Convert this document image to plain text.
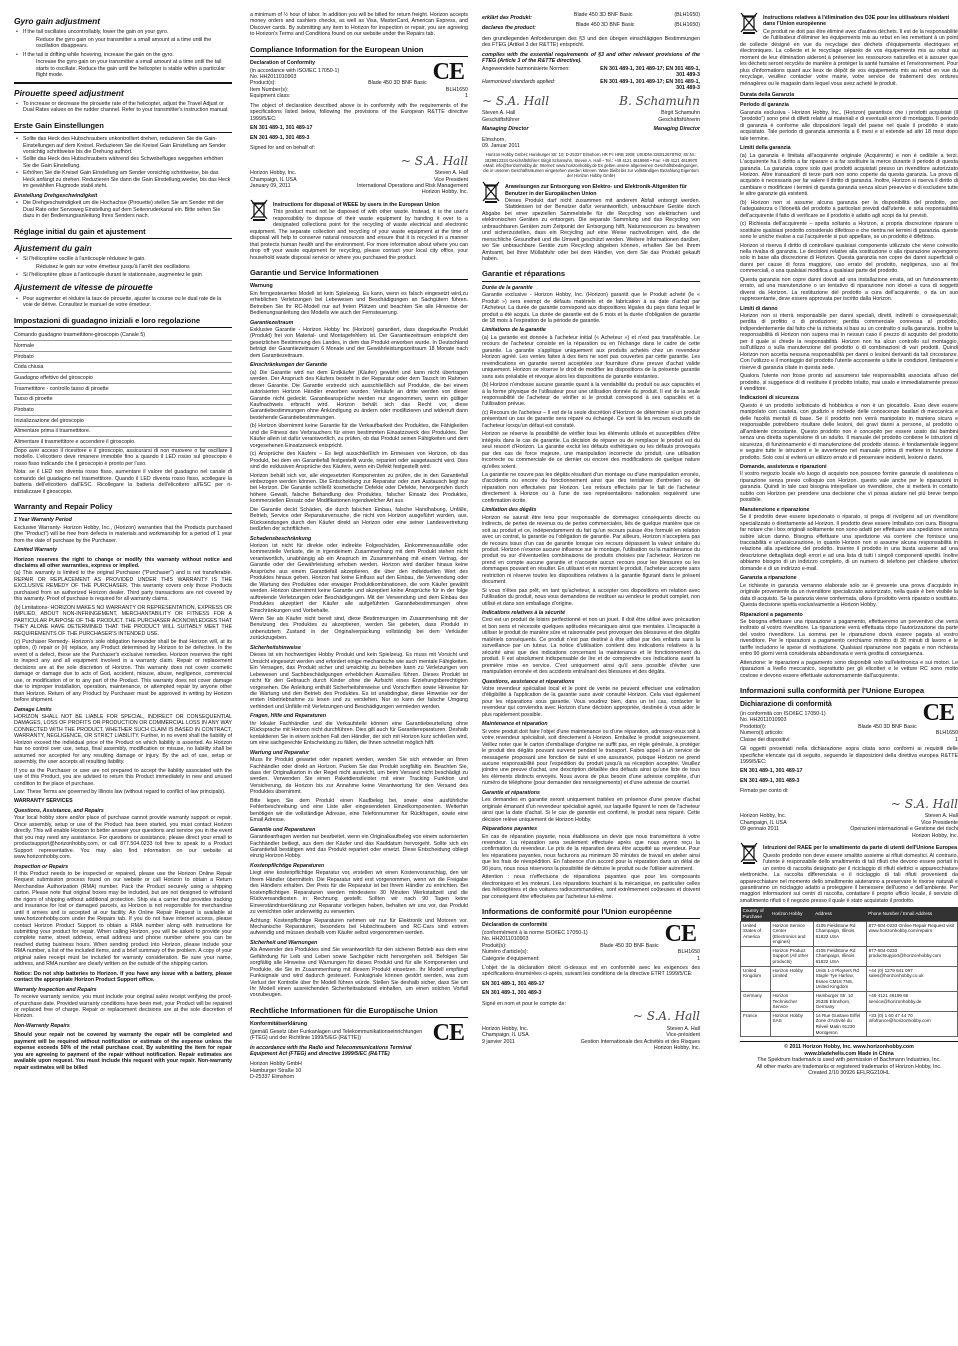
Gyro gain adjustment
• If the tail oscillates uncontrollably, lower the gain on your gyro.
Reduce the gyro gain on your transmitter a small amount at a time until the oscillation disappears.
• If the tail is drifting while hovering, increase the gain on the gyro.
Increase the gyro gain on your transmitter a small amount at a time until the tail starts to oscillate. Reduce the gain until the helicopter is stable within a particular flight mode.
Pirouette speed adjustment
• To increase or decrease the pirouette rate of the helicopter, adjust the Travel Adjust or Dual Rates values on the rudder channel. Refer to your transmitter's instruction manual.
Erste Gain Einstellungen
• Sollte das Heck des Hubschraubers unkontrolliert drehen, reduzieren Sie die Gain-Einstellungen auf dem Kreisel. Reduzieren Sie die Kreisel Gain Einstellung am Sender vorsichtig schrittweise bis die Drehung aufhört.
• Sollte das Heck des Hubschraubers während des Schwebefluges weggehen erhöhen Sie die Gain Einstellung.
• Erhöhen Sie die Kreisel Gain Einstellung am Sender vorsichtig schrittweise, bis das Heck anfängt zu drehen. Reduzieren Sie dann die Gain Einstellung,wieder, bis das Heck im gewählten Flugmode stabil steht.
Einstellung Drehgeschwindigkeit
• Die Drehgeschwindigkeit um die Hochachse (Pirouette) stellen Sie am Sender mit der Dual Rate oder Servoweg Einstellung auf dem Seitenruderkanal ein. Bitte sehen Sie dazu in der Bedienungsanleitung Ihres Senders nach.
Réglage initial du gain et ajustement
Ajustement du gain
• Si l'hélicoptère oscille à l'anticouple réduisez le gain.
Réduisez le gain sur votre émetteur jusqu'à l'arrêt des oscillations
• Si l'hélicoptère glisse à l'anticouple durant le stationnaire, augmentez le gain
Ajustement de vitesse de pirouette
• Pour augmenter et réduire la taux de pirouette, ajuster la course ou le dual rate de la voie de dérive. Consultez le manuel de votre émetteur.
Impostazioni di guadagno iniziali e loro regolazione
Comando guadagno trasmettitore-giroscopio (Canale 5)
Normale
Pirobato
Coda chiusa
Guadagno effettivo del giroscopio
Trasmettitore - controllo tasso di piroette
Tasso di piroette
Pirobato
Inizializzazione del giroscopio
Alimentare prima il trasmettitore.
Alimentare il trasmettitore e accendere il giroscopio.
Dopo aver acceso il ricevitore e il giroscopio, assicurarsi di non muovere o far oscillare il modello. L'elicottero deve rimanere immobile fino a quando il LED rosso sul giroscopio è rosso fisso indicando che il giroscopio è pronto per l'uso.
Nota: se il LED non diventa rosso fisso, aumentare il valore del guadagno nel canale di comando del guadagno nel trasmettitore. Quando il LED diventa rosso fisso, scollegare la batteria dell'elicottero dall'ESC. Ricollegare la batteria dell'elicottero all'ESC per ri-inizializzare il giroscopio.
Warranty and Repair Policy
1 Year Warranty Period
Exclusive Warranty- Horizon Hobby, Inc., (Horizon) warranties that the Products purchased (the "Product") will be free from defects in materials and workmanship for a period of 1 year from the date of purchase by the Purchaser.
Limited Warranty
Horizon reserves the right to change or modify this warranty without notice and disclaims all other warranties, express or implied.
(a) This warranty is limited to the original Purchaser ("Purchaser") and is not transferable. REPAIR OR REPLACEMENT AS PROVIDED UNDER THIS WARRANTY IS THE EXCLUSIVE REMEDY OF THE PURCHASER. This warranty covers only those Products purchased from an authorized Horizon dealer. Third party transactions are not covered by this warranty. Proof of purchase is required for all warranty claims.
(b) Limitations- HORIZON MAKES NO WARRANTY OR REPRESENTATION, EXPRESS OR IMPLIED, ABOUT NON-INFRINGEMENT, MERCHANTABILITY OR FITNESS FOR A PARTICULAR PURPOSE OF THE PRODUCT. THE PURCHASER ACKNOWLEDGES THAT THEY ALONE HAVE DETERMINED THAT THE PRODUCT WILL SUITABLY MEET THE REQUIREMENTS OF THE PURCHASER'S INTENDED USE.
(c) Purchaser Remedy- Horizon's sole obligation hereunder shall be that Horizon will, at its option, (i) repair or (ii) replace, any Product determined by Horizon to be defective. In the event of a defect, these are the Purchaser's exclusive remedies. Horizon reserves the right to inspect any and all equipment involved in a warranty claim. Repair or replacement decisions are at the sole discretion of Horizon. This warranty does not cover cosmetic damage or damage due to acts of God, accident, misuse, abuse, negligence, commercial use, or modification of or to any part of the Product. This warranty does not cover damage due to improper installation, operation, maintenance, or attempted repair by anyone other than Horizon. Return of any Product by Purchaser must be approved in writing by Horizon before shipment.
Damage Limits
HORIZON SHALL NOT BE LIABLE FOR SPECIAL, INDIRECT OR CONSEQUENTIAL DAMAGES, LOSS OF PROFITS OR PRODUCTION OR COMMERCIAL LOSS IN ANY WAY CONNECTED WITH THE PRODUCT, WHETHER SUCH CLAIM IS BASED IN CONTRACT, WARRANTY, NEGLIGENCE, OR STRICT LIABILITY. Further, in no event shall the liability of Horizon exceed the individual price of the Product on which liability is asserted. As Horizon has no control over use, setup, final assembly, modification or misuse, no liability shall be assumed nor accepted for any resulting damage or injury. By the act of use, setup or assembly, the user accepts all resulting liability.
If you as the Purchaser or user are not prepared to accept the liability associated with the use of this Product, you are advised to return this Product immediately in new and unused condition to the place of purchase.
Law: These Terms are governed by Illinois law (without regard to conflict of law principals).
WARRANTY SERVICES
Questions, Assistance, and Repairs
Your local hobby store and/or place of purchase cannot provide warranty support or repair. Once assembly, setup or use of the Product has been started, you must contact Horizon directly. This will enable Horizon to better answer your questions and service you in the event that you may need any assistance. For questions or assistance, please direct your email to productsupport@horizonhobby.com, or call 877.504.0233 toll free to speak to a Product Support representative. You may also find information on our website at www.horizonhobby.com.
Inspection or Repairs
If this Product needs to be inspected or repaired, please use the Horizon Online Repair Request submission process found on our website or call Horizon to obtain a Return Merchandise Authorization (RMA) number. Pack the Product securely using a shipping carton. Please note that original boxes may be included, but are not designed to withstand the rigors of shipping without additional protection. Ship via a carrier that provides tracking and insurance for lost or damaged parcels, as Horizon is not responsible for merchandise until it arrives and is accepted at our facility. An Online Repair Request is available at www.horizonhobby.com under the Repairs tab. If you do not have internet access, please contact Horizon Product Support to obtain a RMA number along with instructions for submitting your product for repair. When calling Horizon, you will be asked to provide your complete name, street address, email address and phone number where you can be reached during business hours. When sending product into Horizon, please include your RMA number, a list of the included items, and a brief summary of the problem. A copy of your original sales receipt must be included for warranty consideration. Be sure your name, address, and RMA number are clearly written on the outside of the shipping carton.
Notice: Do not ship batteries to Horizon. If you have any issue with a battery, please contact the appropriate Horizon Product Support office.
Warranty Inspection and Repairs
To receive warranty service, you must include your original sales receipt verifying the proof-of-purchase date. Provided warranty conditions have been met, your Product will be repaired or replaced free of charge. Repair or replacement decisions are at the sole discretion of Horizon.
Non-Warranty Repairs
Should your repair not be covered by warranty the repair will be completed and payment will be required without notification or estimate of the expense unless the expense exceeds 50% of the retail purchase cost. By submitting the item for repair you are agreeing to payment of the repair without notification. Repair estimates are available upon request. You must include this request with your repair. Non-warranty repair estimates will be billed
a minimum of ½ hour of labor. In addition you will be billed for return freight. Horizon accepts money orders and cashiers checks, as well as Visa, MasterCard, American Express, and Discover cards. By submitting any item to Horizon for inspection or repair, you are agreeing to Horizon's Terms and Conditions found on our website under the Repairs tab.
Compliance Information for the European Union
CE
Declaration of Conformity
(in accordance with ISO/IEC 17050-1)
No. HH2011010903
Product(s):	Blade 450 3D BNF Basic
Item Number(s):	BLH1650
Equipment class:	1
The object of declaration described above is in conformity with the requirements of the specifications listed below, following the provisions of the European R&TTE directive 1999/5/EC:
EN 301 489-1, 301 489-17
EN 301 489-1, 301 489-3
Signed for and on behalf of:
~ S.A. Hall
Horizon Hobby, Inc.
Champaign, IL USA
January 09, 2011
Steven A. Hall
Vice President
International Operations and Risk Management
Horizon Hobby, Inc.
Instructions for disposal of WEEE by users in the European Union
This product must not be disposed of with other waste. Instead, it is the user's responsibility to dispose of their waste equipment by handing it over to a designated collections point for the recycling of waste electrical and electronic equipment. The separate collection and recycling of your waste equipment at the time of disposal will help to conserve natural resources and ensure that it is recycled in a manner that protects human health and the environment. For more information about where you can drop off your waste equipment for recycling, please contact your local city office, your household waste disposal service or where you purchased the product.
Garantie und Service Informationen
Warnung
Ein ferngesteuertes Modell ist kein Spielzeug. Es kann, wenn es falsch eingesetzt wird,zu erheblichen Verletzungen bei Lebewesen und Beschädigungen an Sachgütern führen. Betreiben Sie Ihr RC-Modell nur auf freien Plätzen und beachten Sie alle Hinweise der Bedienungsanleitung des Modells wie auch der Fernsteuerung.
Garantiezeitraum
Exklusive Garantie - Horizon Hobby Inc (Horizon) garantiert, dass dasgekaufte Produkt (Produkt) frei von Material- und Montagefehlern ist. Der Garantiezeitraum entspricht den gesetzlichen Bestimmung des Landes, in dem das Produkt erworben wurde. In Deutschland beträgt der Garantiezeitraum 6 Monate und der Gewährleistungszeitraum 18 Monate nach dem Garantiezeitraum.
Einschränkungen der Garantie
(a) Die Garantie wird nur dem Erstkäufer (Käufer) gewährt und kann nicht übertragen werden. Der Anspruch des Käufers besteht in der Reparatur oder dem Tausch im Rahmen dieser Garantie. Die Garantie erstreckt sich ausschließlich auf Produkte, die bei einem autorisierten Horizon Händler erworben wurden. Verkäufe an dritte werden von dieser Garantie nicht gedeckt. Garantieansprüche werden nur angenommen, wenn ein gültiger Kaufnachweis erbracht wird. Horizon behält sich das Recht vor, diese Garantiebestimmungen ohne Ankündigung zu ändern oder modifizieren und widerruft dann bestehende Garantiebestimmungen.
(b) Horizon übernimmt keine Garantie für die Verkaufbarkeit des Produktes, die Fähigkeiten und die Fitness des Verbrauchers für einen bestimmten Einsatzzweck des Produktes. Der Käufer allein ist dafür verantwortlich, zu prüfen, ob das Produkt seinen Fähigkeiten und dem vorgesehenen Einsatzzweck entspricht.
(c) Ansprüche des Käufers – Es liegt ausschließlich im Ermessen von Horizon, ob das Produkt, bei dem ein Garantiefall festgestellt wurde, repariert oder ausgetauscht wird. Dies sind die exklusiven Ansprüche des Käufers, wenn ein Defekt festgestellt wird.
Horizon behält sich vor, alle eingesetzten Komponenten zu prüfen, die in den Garantiefall einbezogen werden können. Die Entscheidung zur Reparatur oder zum Austausch liegt nur bei Horizon. Die Garantie schließt kosmetische Defekte oder Defekte, hervorgerufen durch höhere Gewalt, falsche Behandlung des Produktes, falscher Einsatz des Produktes, kommerziellen Einsatz oder Modifikationen irgendwelcher Art aus.
Die Garantie deckt Schäden, die durch falschen Einbau, falsche Handhabung, Unfälle, Betrieb, Service oder Reparaturversuche, die nicht von Horizon ausgeführt wurden, aus. Rücksendungen durch den Käufer direkt an Horizon oder eine seiner Landesvertretung bedürfen der schriftlichen.
Schadensbeschränkung
Horizon ist nicht für direkte oder indirekte Folgeschäden, Einkommensausfälle oder kommerzielle Verluste, die in irgendeinem Zusammenhang mit dem Produkt stehen nicht verantwortlich, unabhängig ab ein Anspruch im Zusammenhang mit einem Vertrag, der Garantie oder der Gewährleistung erhoben werden. Horizon wird darüber hinaus keine Ansprüche aus einem Garantiefall akzeptieren, die über den individuellen Wert des Produktes hinaus gehen. Horizon hat keine Einfluss auf den Einbau, die Verwendung oder die Wartung des Produktes oder etwaiger Produktkombinationen, die vom Käufer gewählt werden. Horizon übernimmt keine Garantie und akzeptiert keine Ansprüche für in der folge auftretende Verletzungen oder Beschädigungen. Mit der Verwendung und dem Einbau des Produktes akzeptiert der Käufer alle aufgeführten Garantiebestimmungen ohne Einschränkungen und Vorbehalte.
Wenn Sie als Käufer nicht bereit sind, diese Bestimmungen im Zusammenhang mit der Benutzung des Produktes zu akzeptieren, werden Sie gebeten, dass Produkt in unbenutztem Zustand in der Originalverpackung vollständig bei dem Verkäufer zurückzugeben.
Sicherheitshinweise
Dieses ist ein hochwertiges Hobby Produkt und kein Spielzeug. Es muss mit Vorsicht und Umsicht eingesetzt werden und erfordert einige mechanische wie auch mentale Fähigkeiten. Ein Versagen, das Produkt sicher und umsichtig zu betreiben kann zu Verletzungen von Lebewesen und Sachbeschädigungen erheblichen Ausmaßes führen. Dieses Produkt ist nicht für den Gebrauch durch Kinder ohne die Aufsicht eines Erziehungsberechtigten vorgesehen. Die Anleitung enthält Sicherheitshinweise und Vorschriften sowie Hinweise für die Wartung und den Betrieb des Produktes. Es ist unabdingbar, diese Hinweise vor der ersten Inbetriebnahme zu lesen und zu verstehen. Nur so kann der falsche Umgang verhindert und Unfälle mit Verletzungen und Beschädigungen vermieden werden.
Fragen, Hilfe und Reparaturen
Ihr lokaler Fachhändler und die Verkaufstelle können eine Garantiebeurteilung ohne Rücksprache mit Horizon nicht durchführen. Dies gilt auch für Garantiereparaturen. Deshalb kontaktieren Sie in einem solchen Fall den Händler, der sich mit Horizon kurz schließen wird, um eine sachgerechte Entscheidung zu fällen, die Ihnen schnellst möglich hilft.
Wartung und Reparatur
Muss Ihr Produkt gewartet oder repariert werden, wenden Sie sich entweder an Ihren Fachhändler oder direkt an Horizon. Packen Sie das Produkt sorgfältig ein. Beachten Sie, dass der Originalkarton in der Regel nicht ausreicht, um beim Versand nicht beschädigt zu werden. Verwenden Sie einen Paketdienstleister mit einer Tracking Funktion und Versicherung, da Horizon bis zur Annahme keine Verantwortung für den Versand des Produktes übernimmt.
Bitte legen Sie dem Produkt einen Kaufbeleg bei, sowie eine ausführliche Fehlerbeschreibung und eine Liste aller eingesendeten Einzelkomponenten. Weiterhin benötigen wir die vollständige Adresse, eine Telefonnummer für Rückfragen, sowie eine Email Adresse.
Garantie und Reparaturen
Garantieanfragen werden nur bearbeitet, wenn ein Originalkaufbeleg von einem autorisierten Fachhändler beiliegt, aus dem der Käufer und das Kaufdatum hervorgeht. Sollte sich ein Garantiefall bestätigen wird das Produkt repariert oder ersetzt. Diese Entscheidung obliegt einzig Horizon Hobby.
Kostenpflichtige Reparaturen
Liegt eine kostenpflichtige Reparatur vor, erstellen wir einen Kostenvoranschlag, den wir Ihrem Händler übermitteln. Die Reparatur wird erst vorgenommen, wenn wir die Freigabe des Händlers erhalten. Der Preis für die Reparatur ist bei Ihrem Händler zu entrichten. Bei kostenpflichtigen Reparaturen werden mindestens 30 Minuten Werkstattzeit und die Rückversandkosten in Rechnung gestellt. Sollten wir nach 90 Tagen keine Einverständniserklärung zur Reparatur vorliegen haben, behalten wir uns vor, das Produkt zu vernichten oder anderweitig zu verwerten.
Achtung: Kostenpflichtige Reparaturen nehmen wir nur für Elektronik und Motoren vor. Mechanische Reparaturen, besonders bei Hubschraubern und RC-Cars sind extrem aufwendig und müssen deshalb vom Käufer selbst vorgenommen werden.
Sicherheit und Warnungen
Als Anwender des Produktes sind Sie verantwortlich für den sicheren Betrieb aus dem eine Gefährdung für Leib und Leben sowie Sachgüter nicht hervorgehen soll. Befolgen Sie sorgfältig alle Hinweise und Warnungen für dieses Produkt und für alle Komponenten und Produkte, die Sie im Zusammenhang mit diesem Produkt einsetzen. Ihr Modell empfängt Funksignale und wird dadurch gesteuert. Funksignale können gestört werden, was zum Verlust der Kontrolle über Ihr Modell führen würde. Stellen Sie deshalb sicher, dass Sie um Ihr Modell einen ausreichenden Sicherheitsabstand einhalten, um einen solchen Vorfall vorzubeugen.
Rechtliche Informationen für die Europäische Union
CE
Konformitätserklärung
(gemäß Gesetz über Funkanlagen und Telekommunikationseinrichtungen (FTEG) und der Richtlinie 1999/5/EG (R&TTE))
in accordance with the Radio and Telecommunications Terminal Equipment Act (FTEG) and directive 1999/5/EC (R&TTE)
Horizon Hobby GmbH
Hamburger Straße 10
D-25337 Elmshorn
erklärt das Produkt:	Blade 450 3D BNF Basic	(BLH1650)
declares the product:	Blade 450 3D BNF Basic	(BLH1650)
den grundlegenden Anforderungen des §3 und den übrigen einschlägigen Bestimmungen des FTEG (Artikel 3 der R&TTE) entspricht.
complies with the essential requirements of §3 and other relevant provisions of the FTEG (Article 3 of the R&TTE directive).
Angewendete harmonisierte Normen:	EN 301 489-1, 301 489-17; EN 301 489-1, 301 489-3
Harmonized standards applied:	EN 301 489-1, 301 489-17; EN 301 489-1, 301 489-3
~ S.A. Hall	B. Schamuhn
Steven A. Hall
Geschäftsführer
Managing Director
Birgit Schamuhn
Geschäftsführerin
Managing Director
Elmshorn,
09. Januar 2011
Horizon Hobby GmbH; Hamburger Str. 10; D-25337 Elmshorn HR Pi: HRB 1909; UStIDNr.:DE812678792; Str.Nr.: 1829812324 Geschäftsführer: Birgit Schamuhn, Steven A. Hall – Tel.: +49 4121 4619960 • Fax: +49 4121 4619970 eMail: info@horizonhobby.de; Internet: www.horizonhobby.de Es gelten unsere allgemeinen Geschäftsbedingungen, die in unseren Geschäftsräumen eingesehen werden können. Ware bleibt bis zur vollständigen Bezahlung Eigentum der Horizon Hobby GmbH
Anweisungen zur Entsorgung von Elektro- und Elektronik-Altgeräten für Benutzer in der Europäischen Union
Dieses Produkt darf nicht zusammen mit anderem Abfall entsorgt werden. Stattdessen ist der Benutzer dafür verantwortlich, unbrauchbare Geräte durch Abgabe bei einer speziellen Sammelstelle für die Recycling von elektrischen und elektronischen Geräten zu entsorgen. Die separate Sammlung und das Recycling von unbrauchbaren Geräten zum Zeitpunkt der Entsorgung hilft, Naturressourcen zu bewahren und sicherzustellen, dass ein Recycling auf eine Weise nachvollzogen wird, die die menschliche Gesundheit und die Umwelt geschützt werden. Weitere Informationen darüber, wo Sie unbrauchbare Geräte zum Recycling abgeben können, erhalten Sie bei Ihrem Amtsamt, bei Ihrer Müllabfuhr oder bei dem Händler, von dem Sie das Produkt gekauft haben.
Garantie et réparations
Durée de la garantie
Garantie exclusive - Horizon Hobby, Inc. (Horizon) garantit que le Produit acheté (le « Produit ») sera exempt de défauts matériels et de fabrication à sa date d'achat par l'Acheteur. La durée de garantie correspond aux dispositions légales du pays dans lequel le produit a été acquis. La durée de garantie est de 6 mois et la durée d'obligation de garantie de 18 mois à l'expiration de la période de garantie.
Limitations de la garantie
(a) La garantie est donnée à l'acheteur initial (« Acheteur ») et n'est pas transférable. Le recours de l'acheteur consiste en la réparation ou en l'échange dans le cadre de cette garantie. La garantie s'applique uniquement aux produits achetés chez un revendeur Horizon agréé. Les ventes faites à des tiers ne sont pas couvertes par cette garantie. Les revendications en garantie seront acceptées sur fourniture d'une preuve d'achat valide uniquement. Horizon se réserve le droit de modifier les dispositions de la présente garantie sans avis préalable et révoque alors les dispositions de garantie existantes.
(b) Horizon n'endosse aucune garantie quant à la vendabilité du produit ou aux capacités et à la forme physique de l'utilisateur pour une utilisation donnée du produit. Il est de la seule responsabilité de l'acheteur de vérifier si le produit correspond à ses capacités et à l'utilisation prévue.
(c) Recours de l'acheteur – Il est de la seule discrétion d'Horizon de déterminer si un produit présentant un cas de garantie sera réparé ou échangé. Ce sont là les recours exclusifs de l'acheteur lorsqu'un défaut est constaté.
Horizon se réserve la possibilité de vérifier tous les éléments utilisés et susceptibles d'être intégrés dans le cas de garantie. La décision de réparer ou de remplacer le produit est du seul ressort d'Horizon. La garantie exclut les défauts esthétiques ou les défauts provoqués par des cas de force majeure, une manipulation incorrecte du produit, une utilisation incorrecte ou commerciale de ce dernier ou encore des modifications de quelque nature qu'elles soient.
La garantie ne couvre pas les dégâts résultant d'un montage ou d'une manipulation erronés, d'accidents ou encore du fonctionnement ainsi que des tentatives d'entretien ou de réparation non effectuées par Horizon. Les retours effectués par le fait de l'acheteur directement à Horizon ou à l'une de ses représentations nationales requièrent une confirmation écrite.
Limitation des dégâts
Horizon ne saurait être tenu pour responsable de dommages conséquents directs ou indirects, de pertes de revenus ou de pertes commerciales, liés de quelque manière que ce soit au produit et ce, indépendamment du fait qu'un recours puisse être formulé en relation avec un contrat, la garantie ou l'obligation de garantie. Par ailleurs, Horizon n'acceptera pas de recours issus d'un cas de garantie lorsque ces recours dépassent la valeur unitaire du produit. Horizon n'exerce aucune influence sur le montage, l'utilisation ou la maintenance du produit ou sur d'éventuelles combinaisons de produits choisies par l'acheteur. Horizon ne prend en compte aucune garantie et n'accepte aucun recours pour les blessures ou les dommages pouvant en résulter. En utilisant et en montant le produit, l'acheteur accepte sans restriction ni réserve toutes les dispositions relatives à la garantie figurant dans le présent document.
Si vous n'êtes pas prêt, en tant qu'acheteur, à accepter ces dispositions en relation avec l'utilisation du produit, nous vous demandons de restituer au vendeur le produit complet, non utilisé et dans son emballage d'origine.
Indications relatives à la sécurité
Ceci est un produit de loisirs perfectionné et non un jouet. Il doit être utilisé avec précaution et bon sens et nécessite quelques aptitudes mécaniques ainsi que mentales. L'incapacité à utiliser le produit de manière sûre et raisonnable peut provoquer des blessures et des dégâts matériels conséquents. Ce produit n'est pas destiné à être utilisé par des enfants sans la surveillance par un tuteur. La notice d'utilisation contient des indications relatives à la sécurité ainsi que des indications concernant la maintenance et le fonctionnement du produit. Il est absolument indispensable de lire et de comprendre ces indications avant la première mise en service. C'est uniquement ainsi qu'il sera possible d'éviter une manipulation erronée et des accidents entraînant des blessures et des dégâts.
Questions, assistance et réparations
Votre revendeur spécialisé local et le point de vente ne peuvent effectuer une estimation d'éligibilité à l'application de la garantie sans avoir consulté Horizon. Cela vaut également pour les réparations sous garantie. Vous voudrez bien, dans un tel cas, contacter le revendeur qui conviendra avec Horizon d'une décision appropriée, destinée à vous aider le plus rapidement possible.
Maintenance et réparation
Si votre produit doit faire l'objet d'une maintenance ou d'une réparation, adressez-vous soit à votre revendeur spécialisé, soit directement à Horizon. Emballez le produit soigneusement. Veillez noter que le carton d'emballage d'origine ne suffit pas, en règle générale, à protéger le produit des dégâts pouvant survenir pendant le transport. Faites appel à un service de messagerie proposant une fonction de suivi et une assurance, puisque Horizon ne prend aucune responsabilité pour l'expédition du produit jusqu'à sa réception acceptée. Veuillez joindre une preuve d'achat, une description détaillée des défauts ainsi qu'une liste de tous les éléments distincts envoyés. Nous avons de plus besoin d'une adresse complète, d'un numéro de téléphone (pour demander des renseignements) et d'une adresse de courriel.
Garantie et réparations
Les demandes en garantie seront uniquement traitées en présence d'une preuve d'achat originale émanant d'un revendeur spécialisé agréé, sur laquelle figurent le nom de l'acheteur ainsi que la date d'achat. Si le cas de garantie est confirmé, le produit sera réparé. Cette décision relève uniquement de Horizon Hobby.
Réparations payantes
En cas de réparation payante, nous établissons un devis que nous transmettons à votre revendeur. La réparation sera seulement effectuée après que nous ayons reçu la confirmation du revendeur. Le prix de la réparation devra être acquitté au revendeur. Pour les réparations payantes, nous facturons au minimum 30 minutes de travail en atelier ainsi que les frais de réexpédition. En l'absence d'un accord pour la réparation dans un délai de 90 jours, nous nous réservons la possibilité de détruire le produit ou de l'utiliser autrement.
Attention : nous n'effectuons de réparations payantes que pour les composants électroniques et les moteurs. Les réparations touchant à la mécanique, en particulier celles des hélicoptères et des voitures radiocommandées, sont extrêmement coûteuses et doivent par conséquent être effectuées par l'acheteur lui-même.
Informations de conformité pour l'Union européenne
CE
Déclaration de conformité
(conformément à la norme ISO/IEC 17050-1)
No. HH2011010903
Produit(s):	Blade 450 3D BNF Basic
Numéro d'article(s):	BLH1650
Catégorie d'équipement:	1
L'objet de la déclaration décrit ci-dessus est en conformité avec les exigences des spécifications énumérées ci-après, suivant les conditions de la directive ETRT 1999/5/CE:
EN 301 489-1, 301 489-17
EN 301 489-1, 301 489-3
Signé en nom et pour le compte de:
~ S.A. Hall
Horizon Hobby, Inc.
Champaign, IL USA
9 janvier 2011
Steven A. Hall
Vice-président
Gestion Internationale des Activités et des Risques
Horizon Hobby, Inc.
Instructions relatives à l'élimination des D3E pour les utilisateurs résidant dans l'Union européenne
Ce produit ne doit pas être éliminé avec d'autres déchets. Il est de la responsabilité de l'utilisateur d'éliminer les équipements mis au rebut en les remettant à un point de collecte désigné en vue du recyclage des déchets d'équipements électriques et électroniques. La collecte et le recyclage séparés de vos équipements mis au rebut au moment de leur élimination aideront à préserver les ressources naturelles et à assurer que les déchets seront recyclés de manière à protéger la santé humaine et l'environnement. Pour plus d'informations quant aux lieux de dépôt de vos équipements mis au rebut en vue du recyclage, veuillez contacter votre mairie, votre service de traitement des ordures ménagères ou le magasin dans lequel vous avez acheté le produit.
Durata della Garanzia
Periodo di garanzia
Garanzia esclusiva - Horizon Hobby, Inc., (Horizon) garantisce che i prodotti acquistati (il "prodotto") sono privi di difetti relativi ai materiali e di eventuali errori di montaggio. Il periodo di garanzia è conforme alle disposizioni legali del paese nel quale il prodotto è stato acquistato. Tale periodo di garanzia ammonta a 6 mesi e si estende ad altri 18 mesi dopo tale termine.
Limiti della garanzia
(a) La garanzia è limitata all'acquirente originale (Acquirente) e non è cedibile a terzi. L'acquirente ha il diritto a far riparare o a far sostituire la merce durante il periodo di questa garanzia. La garanzia copre solo quei prodotti acquistati presso un rivenditore autorizzato Horizon. Altre transazioni di terze parti non sono coperte da questa garanzia. La prova di acquisto è necessaria per far valere il diritto di garanzia. Inoltre, Horizon si riserva il diritto di cambiare o modificare i termini di questa garanzia senza alcun preavviso e di escludere tutte le altre garanzie già esistenti.
(b) Horizon non si assume alcuna garanzia per la disponibilità del prodotto, per l'adeguatezza o l'idoneità del prodotto a particolari previsti dall'utente. è sola responsabilità dell'acquirente il fatto di verificare se il prodotto è adatto agli scopi da lui previsti.
(c) Richiesta dell'acquirente – spetta soltanto a Horizon, a propria discrezione riparare o sostituire qualsiasi prodotto considerato difettoso e che rientra nei termini di garanzia. queste sono le uniche rivalse a cui l'acquirente si può appellare, se un prodotto è difettoso.
Horizon si riserva il diritto di controllare qualsiasi componente utilizzato che viene coinvolto nella rivalsa di garanzia. Le decisioni relative alla sostituzione o alla riparazione avvengono solo in base alla discrezione di Horizon. Questa garanzia non copre dei danni superficiali o danni per cause di forza maggiore, uso errato del prodotto, negligenza, uso ai fini commerciali, o una qualsiasi modifica a qualsiasi parte del prodotto.
Questa garanzia non copre danni dovuti ad una installazione errata, ad un funzionamento errato, ad una manutenzione o un tentativo di riparazione non idonei a cura di soggetti diversi da Horizon. La restituzione del prodotto a cura dell'acquirente, o da un suo rappresentante, deve essere approvata per iscritto dalla Horizon.
Limiti di danno
Horizon non si riterrà responsabile per danni speciali, diretti, indiretti o consequenziali; perdita di profitto o di produzione; perdita commerciale connessa al prodotto, indipendentemente dal fatto che la richiesta si basi su un contratto o sulla garanzia. Inoltre la responsabilità di Horizon non supera mai in nessun caso il prezzo di acquisto del prodotto per il quale si chiede la responsabilità. Horizon non ha alcun controllo sul montaggio, sull'utilizzo o sulla manutenzione del prodotto o di combinazioni di vari prodotti. Quindi Horizon non accetta nessuna responsabilità per danni o lesioni derivanti da tali circostanze. Con l'utilizzo e il montaggio del prodotto l'utente acconsente a tutte le condizioni, limitazioni e riserve di garanzia citate in questa sede.
Qualora l'utente non fosse pronto ad assumersi tale responsabilità associata all'uso del prodotto, si suggerisce di di restituire il prodotto intatto, mai usato e immediatamente presso il venditore.
Indicazioni di sicurezza
Questo è un prodotto sofisticato di hobbistica e non è un giocattolo. Esso deve essere manipolato con cautela, con giudizio e richiede delle conoscenze basilari di meccanica e delle facoltà mentali di base. Se il prodotto non verrà manipolato in maniera sicura e responsabile potrebbero risultare delle lesioni, dei gravi danni a persone, al prodotto o all'ambiente circostante. Questo prodotto non è concepito per essere usato dai bambini senza una diretta supervisione di un adulto. Il manuale del prodotto contiene le istruzioni di sicurezza, di funzionamento e di manutenzione del prodotto stesso. è fondamentale leggere e seguire tutte le istruzioni e le avvertenze nel manuale prima di mettere in funzione il prodotto. Solo così si eviterà un utilizzo errato e di preservare incidenti, lesioni o danni.
Domande, assistenza e riparazioni
Il vostro negozio locale e/o luogo di acquisto non possono fornire garanzie di assistenza o riparazione senza previo colloquio con Horizon. questo vale anche per le riparazioni in garanzia. Quindi in tale casi bisogna interpellare un rivenditore, che si metterà in contatto subito con Horizon per prendere una decisione che vi possa aiutare nel più breve tempo possibile.
Manutenzione e riparazione
Se il prodotto deve essere ispezionato o riparato, si prega di rivolgersi ad un rivenditore specializzato o direttamente ad Horizon. Il prodotto deve essere Imballato con cura. Bisogna far notare che i box originali solitamente non sono adatti per effettuare una spedizione senza subire alcun danno. Bisogna effettuare una spedizione via corriere che fornisce una tracciabilità e un'assicurazione, in quanto Horizon non si assume alcuna responsabilità in relazione alla spedizione del prodotto. Inserire il prodotto in una busta assieme ad una descrizione dettagliata degli errori e ad una lista di tutti i singoli componenti spediti. Inoltre abbiamo bisogno di un indirizzo completo, di un numero di telefono per chiedere ulteriori domande e di un indirizzo e-mail.
Garanzia a riparazione
Le richieste in garanzia verranno elaborate solo se è presente una prova d'acquisto in originale proveniente da un rivenditore specializzato autorizzato, nella quale è ben visibile la data di acquisto. Se la garanzia viene confermata, allora il prodotto verrà riparato o sostituito. Questa decisione spetta esclusivamente a Horizon Hobby.
Riparazioni a pagamento
Se bisogna effettuare una riparazione a pagamento, effettueremo un preventivo che verrà inoltrato al vostro rivenditore. La riparazione verrà effettuata dopo l'autorizzazione da parte del vostro rivenditore. La somma per le riparazione dovrà essere pagata al vostro rivenditore. Per le riparazioni a pagamento cerchiamo minimo di 30 minuti di lavoro e le tariffe includono le spese di restituzione. Qualsiasi riparazione non pagata e non richiesta entro 90 giorni verrà considerata abbandonata e verrà gestita di conseguenza.
Attenzione: le riparazioni a pagamento sono disponibili solo sull'elettronica e sui motori. Le riparazioni a livello meccanico, soprattutto per gli elicotteri e le vetture RC sono molto costose e devono essere effettuate autonomamente dall'acquirente.
Informazioni sulla conformità per l'Unione Europea
CE
Dichiarazione di conformità
(in conformità con ISO/IEC 17050-1)
No. HH2011010903
Prodotto(i):	Blade 450 3D BNF Basic
Numero(i) articolo:	BLH1650
Classe dei dispositivi:	1
Gli oggetti presentati nella dichiarazione sopra citata sono conformi ai requisiti delle specifiche elencate qui di seguito, seguendo le disposizioni della direttiva europea R&TTE 1999/5/EC:
EN 301 489-1, 301 489-17
EN 301 489-1, 301 489-3
Firmato per conto di:
~ S.A. Hall
Horizon Hobby, Inc.
Champaign, IL USA
09 gennaio 2011
Steven A. Hall
Vice Presidente
Operazioni internazionali e Gestione dei rischi
Horizon Hobby, Inc.
Istruzioni del RAEE per lo smaltimento da parte di utenti dell'Unione Europea
Questo prodotto non deve essere smaltito assieme ai rifiuti domestici. Al contrario, l'utente è responsabile dello smaltimento di tali rifiuti che devono essere portati in un centro di raccolta designato per il riciclaggio di rifiuti elettrici e apparecchiature elettroniche. La raccolta differenziata e il riciclaggio di tali rifiuti provenienti da apparecchiature nel momento dello smaltimento aiuteranno a preservare le risorse naturali e garantiranno un riciclaggio adatto a proteggere il benessere dell'uomo e dell'ambiente. Per maggiori informazioni sui centri di raccolta, contattare il proprio ufficio locale, il servizio di smaltimento rifiuti o il negozio presso il quale è stato acquistato il prodotto.
Country of Purchase	Horizon Hobby	Address	Phone Number / Email Address
United States of America	Horizon Service Center (Electronics and engines)	4105 Fieldstone Rd Champaign, Illinois 61822 USA	877-504-0233 Online Repair Request visit www.horizonhobby.com/repairs
	Horizon Product Support (All other products)	4105 Fieldstone Rd Champaign, Illinois 61822 USA	877-504-0233 productsupport@horizonhobby.com
United Kingdom	Horizon Hobby Limited	Units 1-4 Ployters Rd Staple Tye Harlow, Essex CM18 7NS, United Kingdom	+44 (0) 1279 641 097 sales@horizonhobby.co.uk
Germany	Horizon Technischer Service	Hamburger Str. 10 25335 Elmshorn, Germany	+49 4121 46199 66 service@horizonhobby.de
France	Horizon Hobby SAS	14 Rue Gustave Eiffel Zone d'Activité du Réveil Matin 91230 Montgeron	+33 (0) 1 60 47 44 70 infofrance@horizonhobby.com
© 2011 Horizon Hobby, Inc. www.horizonhobby.com
www.bladehelis.com Made in China
The Spektrum trademark is used with permission of Bachmann Industries, Inc.
All other marks are trademarks or registered trademarks of Horizon Hobby, Inc.
Created 2/10 30926 EFLRG210HL
